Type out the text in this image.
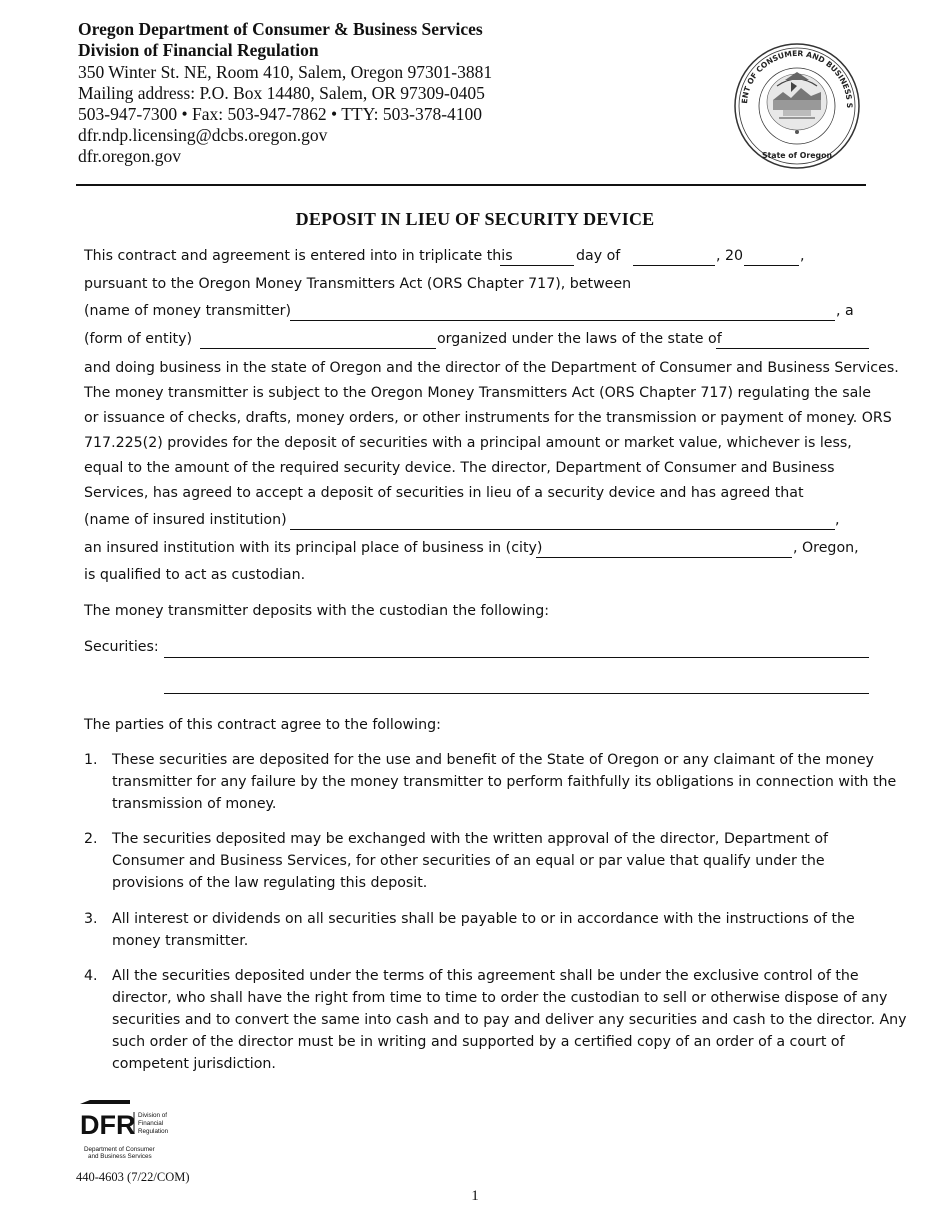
Oregon Department of Consumer & Business Services
Division of Financial Regulation
350 Winter St. NE, Room 410, Salem, Oregon 97301-3881
Mailing address: P.O. Box 14480, Salem, OR 97309-0405
503-947-7300 • Fax: 503-947-7862 • TTY: 503-378-4100
dfr.ndp.licensing@dcbs.oregon.gov
dfr.oregon.gov
ENT OF CONSUMER AND BUSINESS S
State of Oregon
DEPOSIT IN LIEU OF SECURITY DEVICE
This contract and agreement is entered into in triplicate this	day of	, 20	,
pursuant to the Oregon Money Transmitters Act (ORS Chapter 717), between
(name of money transmitter)	, a
(form of entity)	organized under the laws of the state of
and doing business in the state of Oregon and the director of the Department of Consumer and Business Services.
The money transmitter is subject to the Oregon Money Transmitters Act (ORS Chapter 717) regulating the sale
or issuance of checks, drafts, money orders, or other instruments for the transmission or payment of money. ORS
717.225(2) provides for the deposit of securities with a principal amount or market value, whichever is less,
equal to the amount of the required security device. The director, Department of Consumer and Business
Services, has agreed to accept a deposit of securities in lieu of a security device and has agreed that
(name of insured institution)	,
an insured institution with its principal place of business in (city)	, Oregon,
is qualified to act as custodian.
The money transmitter deposits with the custodian the following:
Securities:
The parties of this contract agree to the following:
1. These securities are deposited for the use and benefit of the State of Oregon or any claimant of the money
transmitter for any failure by the money transmitter to perform faithfully its obligations in connection with the
transmission of money.
2. The securities deposited may be exchanged with the written approval of the director, Department of
Consumer and Business Services, for other securities of an equal or par value that qualify under the
provisions of the law regulating this deposit.
3. All interest or dividends on all securities shall be payable to or in accordance with the instructions of the
money transmitter.
4. All the securities deposited under the terms of this agreement shall be under the exclusive control of the
director, who shall have the right from time to time to order the custodian to sell or otherwise dispose of any
securities and to convert the same into cash and to pay and deliver any securities and cash to the director. Any
such order of the director must be in writing and supported by a certified copy of an order of a court of
competent jurisdiction.
DFR Division of
Financial
Regulation
Department of Consumer
and Business Services
440-4603 (7/22/COM)
1
